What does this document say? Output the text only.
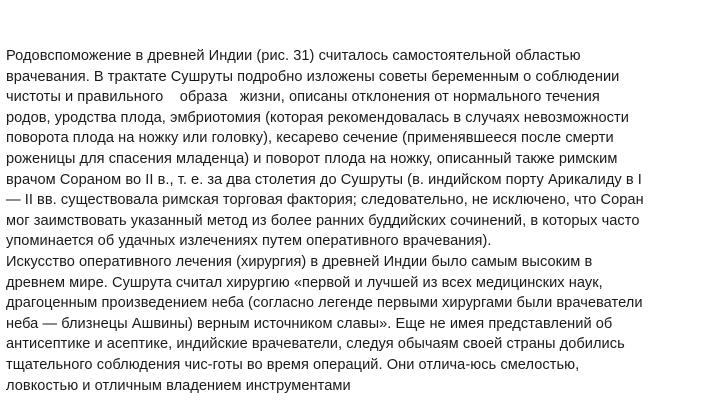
Родовспоможение в древней Индии (рис. 31) считалось самостоятельной областью
врачевания. В трактате Сушруты подробно изложены советы беременным о соблюдении
чистоты и правильного    образа   жизни, описаны отклонения от нормального течения
родов, уродства плода, эмбриотомия (которая рекомендовалась в случаях невозможности
поворота плода на ножку или головку), кесарево сечение (применявшееся после смерти
роженицы для спасения младенца) и поворот плода на ножку, описанный также римским
врачом Сораном во II в., т. е. за два столетия до Сушруты (в. индийском порту Арикалиду в I
— II вв. существовала римская торговая фактория; следовательно, не исключено, что Соран
мог заимствовать указанный метод из более ранних буддийских сочинений, в которых часто
упоминается об удачных излечениях путем оперативного врачевания).
Искусство оперативного лечения (хирургия) в древней Индии было самым высоким в
древнем мире. Сушрута считал хирургию «первой и лучшей из всех медицинских наук,
драгоценным произведением неба (согласно легенде первыми хирургами были врачеватели
неба — близнецы Ашвины) верным источником славы». Еще не имея представлений об
антисептике и асептике, индийские врачеватели, следуя обычаям своей страны добились
тщательного соблюдения чис-готы во время операций. Они отлича-юсь смелостью,
ловкостью и отличным владением инструментами
